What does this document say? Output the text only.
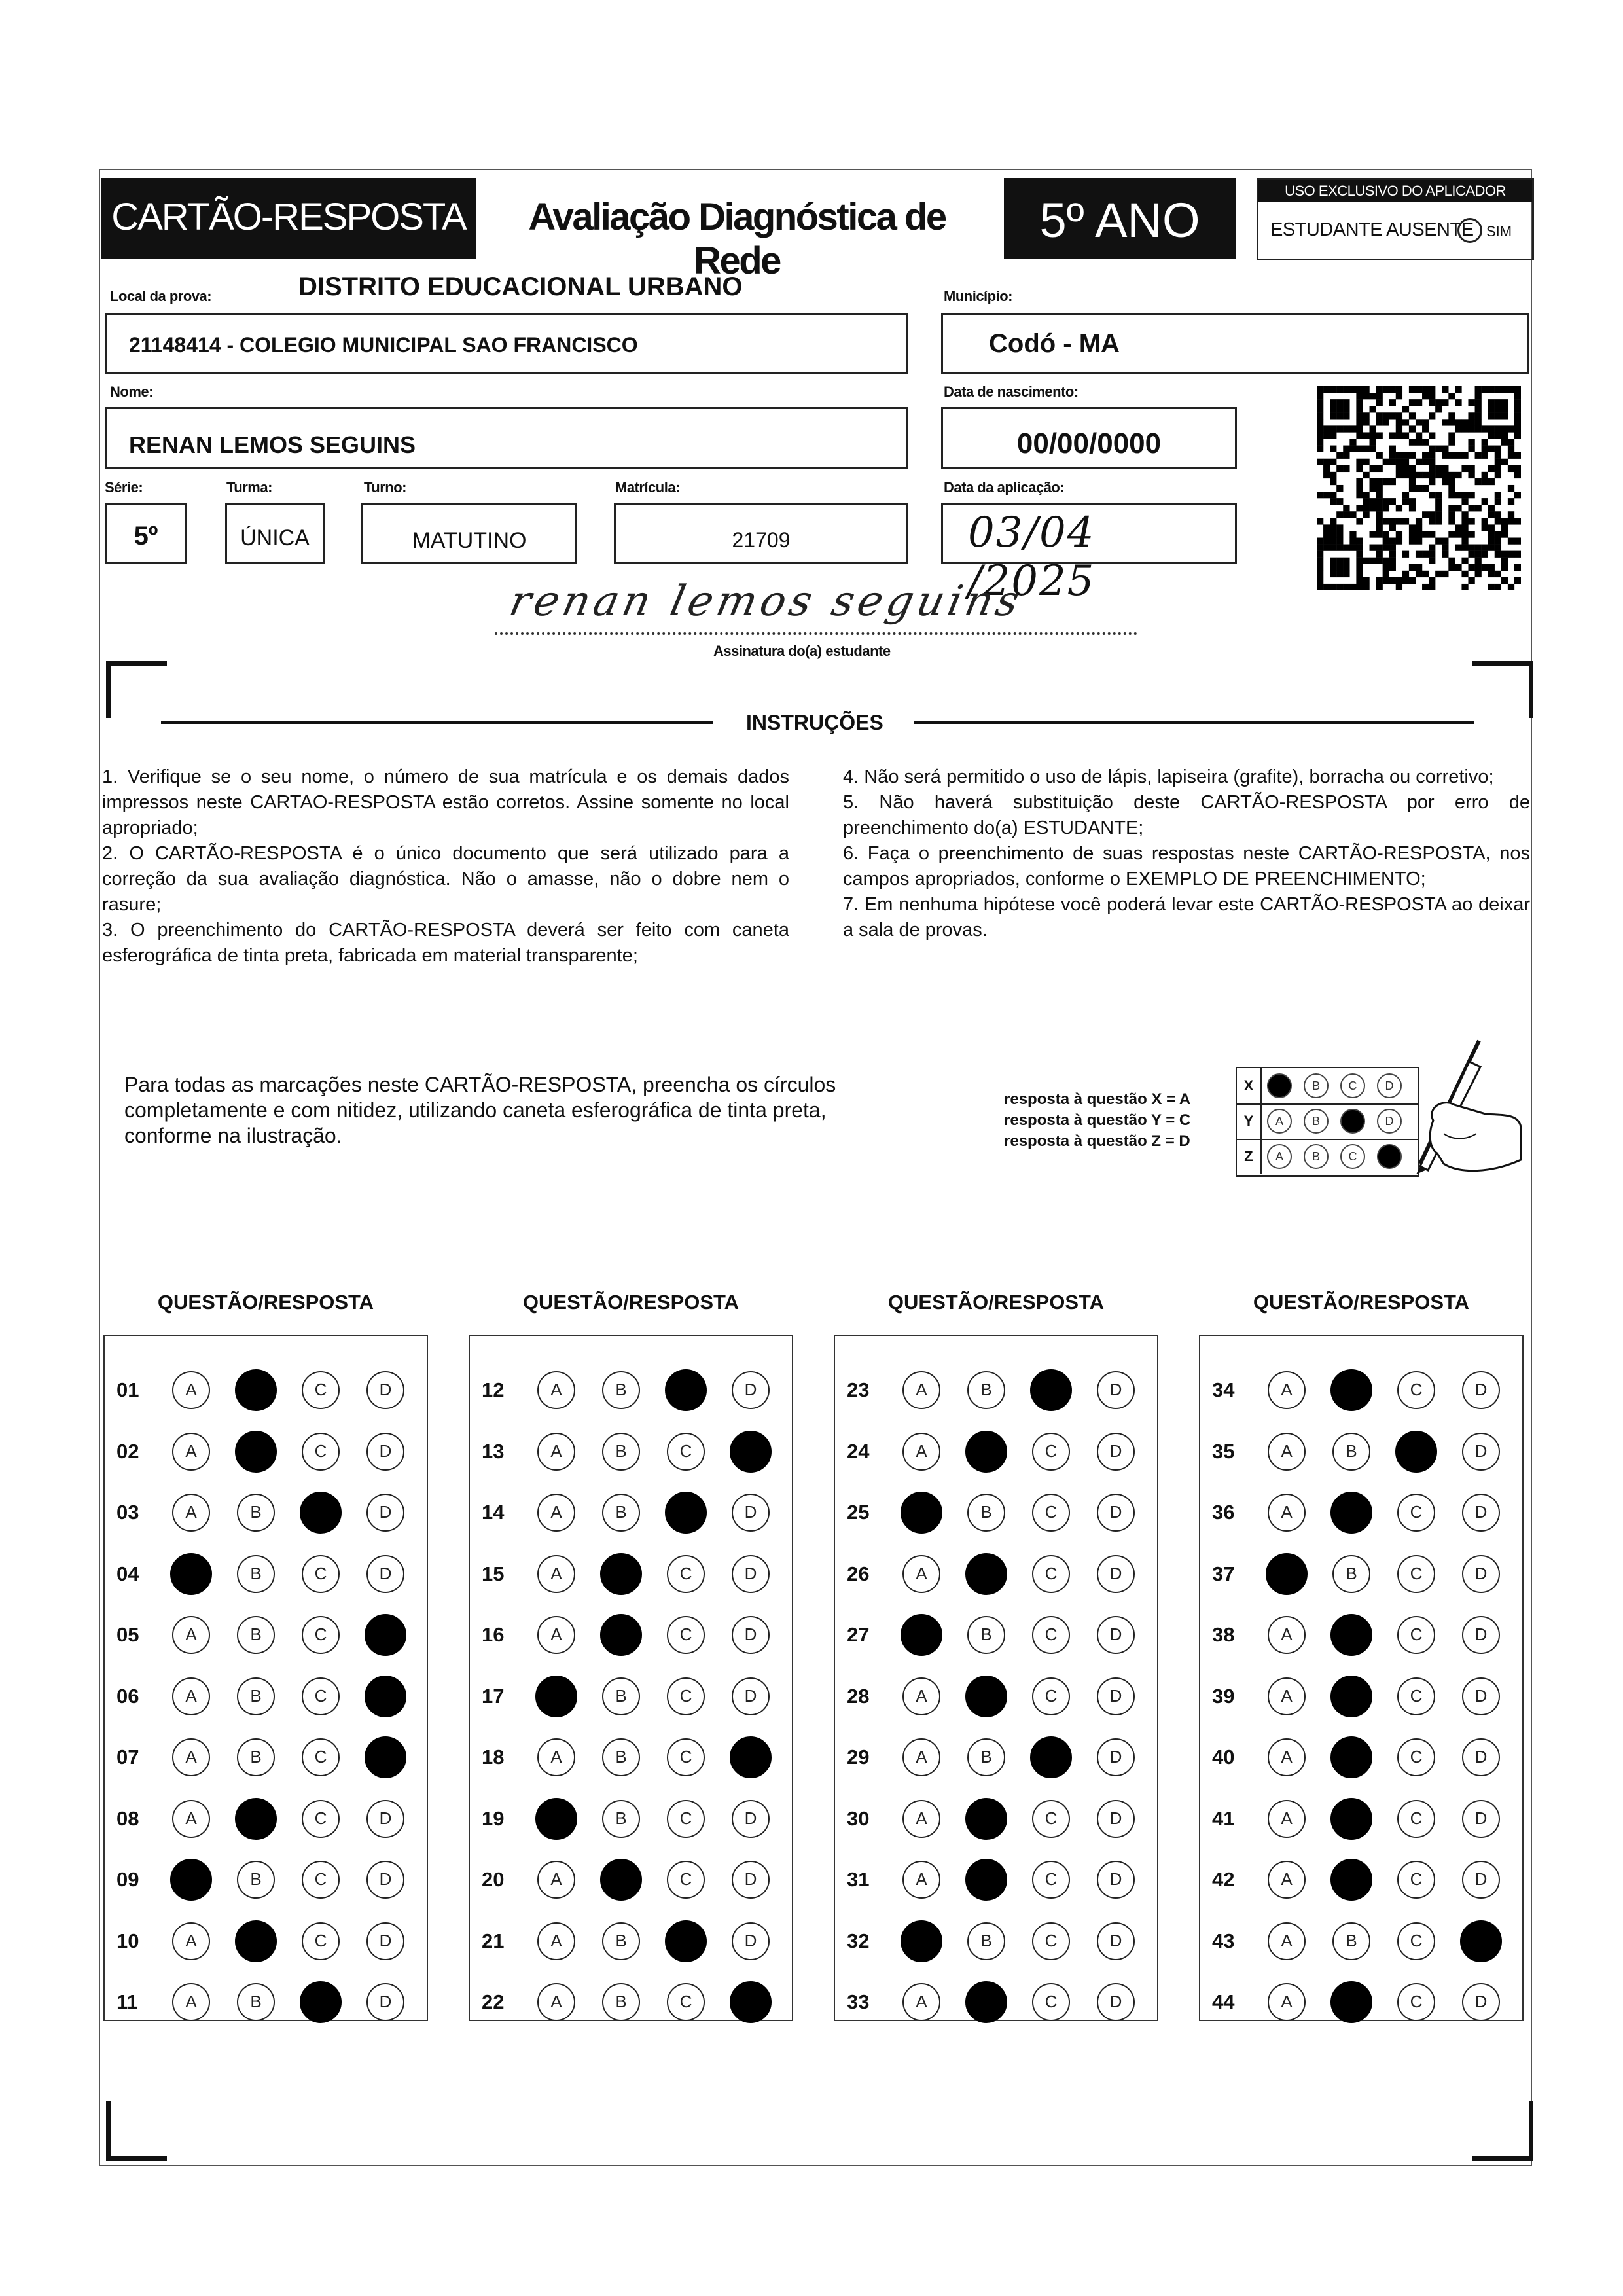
CARTÃO-RESPOSTA	Avaliação Diagnóstica de Rede
5º ANO
USO EXCLUSIVO DO APLICADOR
ESTUDANTE AUSENTE SIM
Local da prova:	DISTRITO EDUCACIONAL URBANO	Município:
21148414 - COLEGIO MUNICIPAL SAO FRANCISCO	Codó - MA
Nome:	Data de nascimento:
RENAN LEMOS SEGUINS	00/00/0000
Série:	Turma:	Turno:	Matrícula:	Data da aplicação:
5º	ÚNICA	MATUTINO	21709	03/04 /2025
renan lemos seguins
Assinatura do(a) estudante
INSTRUÇÕES
1. Verifique se o seu nome, o número de sua matrícula e os demais dados impressos neste CARTAO-RESPOSTA estão corretos. Assine somente no local apropriado;
2. O CARTÃO-RESPOSTA é o único documento que será utilizado para a correção da sua avaliação diagnóstica. Não o amasse, não o dobre nem o rasure;
3. O preenchimento do CARTÃO-RESPOSTA deverá ser feito com caneta esferográfica de tinta preta, fabricada em material transparente;
4. Não será permitido o uso de lápis, lapiseira (grafite), borracha ou corretivo;
5. Não haverá substituição deste CARTÃO-RESPOSTA por erro de preenchimento do(a) ESTUDANTE;
6. Faça o preenchimento de suas respostas neste CARTÃO-RESPOSTA, nos campos apropriados, conforme o EXEMPLO DE PREENCHIMENTO;
7. Em nenhuma hipótese você poderá levar este CARTÃO-RESPOSTA ao deixar a sala de provas.
Para todas as marcações neste CARTÃO-RESPOSTA, preencha os círculos completamente e com nitidez, utilizando caneta esferográfica de tinta preta, conforme na ilustração.
resposta à questão X = A
resposta à questão Y = C
resposta à questão Z = D
X	A	B	C	D
Y	A	B	C	D
Z	A	B	C	D
QUESTÃO/RESPOSTA
01	A	B	C	D
02	A	B	C	D
03	A	B	C	D
04	A	B	C	D
05	A	B	C	D
06	A	B	C	D
07	A	B	C	D
08	A	B	C	D
09	A	B	C	D
10	A	B	C	D
11	A	B	C	D
QUESTÃO/RESPOSTA
12	A	B	C	D
13	A	B	C	D
14	A	B	C	D
15	A	B	C	D
16	A	B	C	D
17	A	B	C	D
18	A	B	C	D
19	A	B	C	D
20	A	B	C	D
21	A	B	C	D
22	A	B	C	D
QUESTÃO/RESPOSTA
23	A	B	C	D
24	A	B	C	D
25	A	B	C	D
26	A	B	C	D
27	A	B	C	D
28	A	B	C	D
29	A	B	C	D
30	A	B	C	D
31	A	B	C	D
32	A	B	C	D
33	A	B	C	D
QUESTÃO/RESPOSTA
34	A	B	C	D
35	A	B	C	D
36	A	B	C	D
37	A	B	C	D
38	A	B	C	D
39	A	B	C	D
40	A	B	C	D
41	A	B	C	D
42	A	B	C	D
43	A	B	C	D
44	A	B	C	D
